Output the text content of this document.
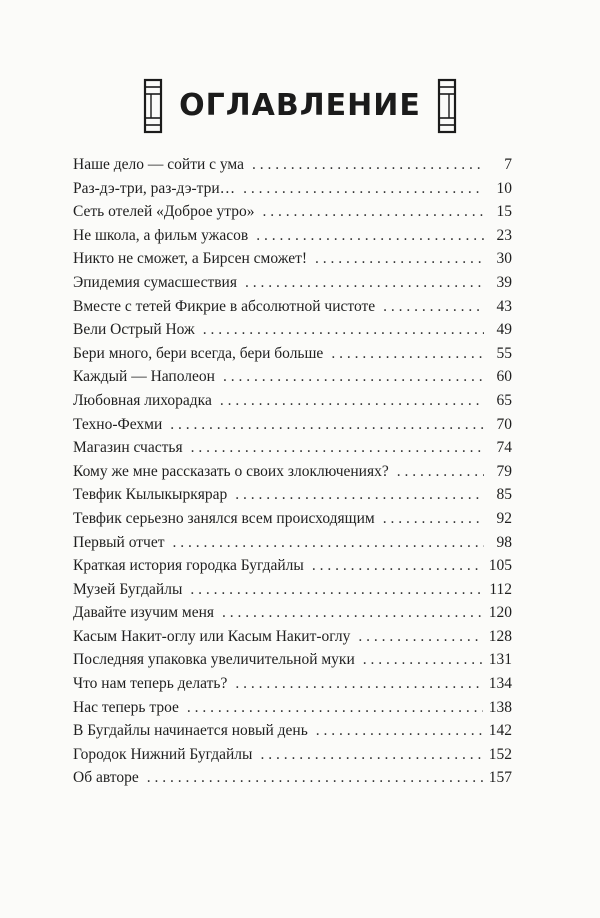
ОГЛАВЛЕНИЕ
Наше дело — сойти с ума . . .	7
Раз-дэ-три, раз-дэ-три… . . .	10
Сеть отелей «Доброе утро» . . .	15
Не школа, а фильм ужасов . . .	23
Никто не сможет, а Бирсен сможет! . . .	30
Эпидемия сумасшествия . . .	39
Вместе с тетей Фикрие в абсолютной чистоте . . .	43
Вели Острый Нож . . .	49
Бери много, бери всегда, бери больше . . .	55
Каждый — Наполеон . . .	60
Любовная лихорадка . . .	65
Техно-Фехми . . .	70
Магазин счастья . . .	74
Кому же мне рассказать о своих злоключениях? . . .	79
Тевфик Кылыкыркярар . . .	85
Тевфик серьезно занялся всем происходящим . . .	92
Первый отчет . . .	98
Краткая история городка Бугдайлы . . .	105
Музей Бугдайлы . . .	112
Давайте изучим меня . . .	120
Касым Накит-оглу или Касым Накит-оглу . . .	128
Последняя упаковка увеличительной муки . . .	131
Что нам теперь делать? . . .	134
Нас теперь трое . . .	138
В Бугдайлы начинается новый день . . .	142
Городок Нижний Бугдайлы . . .	152
Об авторе . . .	157
